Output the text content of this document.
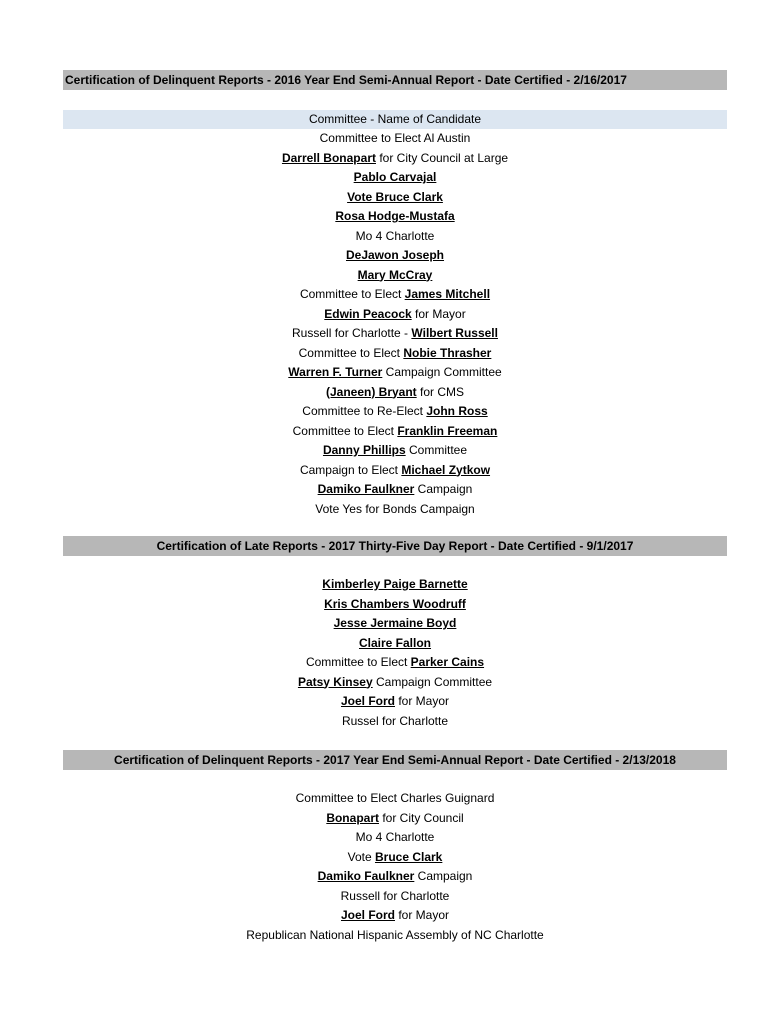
Certification of Delinquent Reports - 2016 Year End Semi-Annual Report - Date Certified - 2/16/2017
Committee - Name of Candidate
Committee to Elect Al Austin
Darrell Bonapart for City Council at Large
Pablo Carvajal
Vote Bruce Clark
Rosa Hodge-Mustafa
Mo 4 Charlotte
DeJawon Joseph
Mary McCray
Committee to Elect James Mitchell
Edwin Peacock for Mayor
Russell for Charlotte - Wilbert Russell
Committee to Elect Nobie Thrasher
Warren F. Turner Campaign Committee
(Janeen) Bryant for CMS
Committee to Re-Elect John Ross
Committee to Elect Franklin Freeman
Danny Phillips Committee
Campaign to Elect Michael Zytkow
Damiko Faulkner Campaign
Vote Yes for Bonds Campaign
Certification of Late Reports - 2017 Thirty-Five Day Report - Date Certified - 9/1/2017
Kimberley Paige Barnette
Kris Chambers Woodruff
Jesse Jermaine Boyd
Claire Fallon
Committee to Elect Parker Cains
Patsy Kinsey Campaign Committee
Joel Ford for Mayor
Russel for Charlotte
Certification of Delinquent Reports - 2017 Year End Semi-Annual Report - Date Certified - 2/13/2018
Committee to Elect Charles Guignard
Bonapart for City Council
Mo 4 Charlotte
Vote Bruce Clark
Damiko Faulkner Campaign
Russell for Charlotte
Joel Ford for Mayor
Republican National Hispanic Assembly of NC Charlotte
